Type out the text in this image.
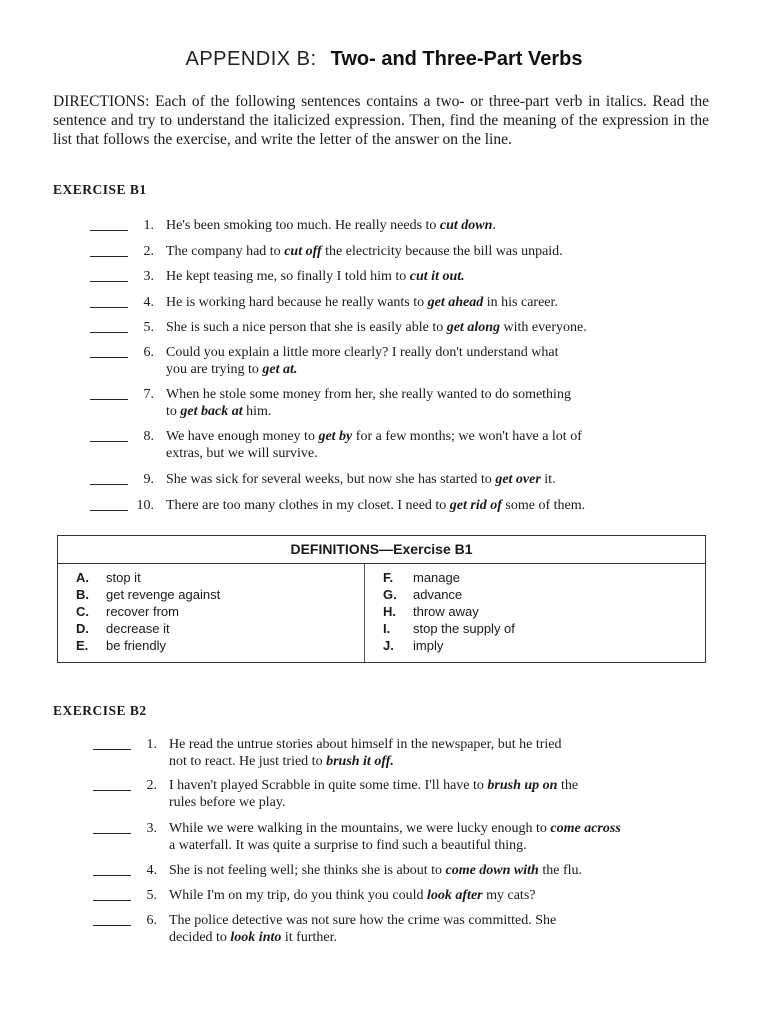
APPENDIX B: Two- and Three-Part Verbs
DIRECTIONS: Each of the following sentences contains a two- or three-part verb in italics. Read the sentence and try to understand the italicized expression. Then, find the meaning of the expression in the list that follows the exercise, and write the letter of the answer on the line.
EXERCISE B1
1. He's been smoking too much. He really needs to cut down.
2. The company had to cut off the electricity because the bill was unpaid.
3. He kept teasing me, so finally I told him to cut it out.
4. He is working hard because he really wants to get ahead in his career.
5. She is such a nice person that she is easily able to get along with everyone.
6. Could you explain a little more clearly? I really don't understand what
you are trying to get at.
7. When he stole some money from her, she really wanted to do something
to get back at him.
8. We have enough money to get by for a few months; we won't have a lot of
extras, but we will survive.
9. She was sick for several weeks, but now she has started to get over it.
10. There are too many clothes in my closet. I need to get rid of some of them.
DEFINITIONS—Exercise B1
A.	stop it
B.	get revenge against
C.	recover from
D.	decrease it
E.	be friendly
F.	manage
G.	advance
H.	throw away
I.	stop the supply of
J.	imply
EXERCISE B2
1. He read the untrue stories about himself in the newspaper, but he tried
not to react. He just tried to brush it off.
2. I haven't played Scrabble in quite some time. I'll have to brush up on the
rules before we play.
3. While we were walking in the mountains, we were lucky enough to come across
a waterfall. It was quite a surprise to find such a beautiful thing.
4. She is not feeling well; she thinks she is about to come down with the flu.
5. While I'm on my trip, do you think you could look after my cats?
6. The police detective was not sure how the crime was committed. She
decided to look into it further.
